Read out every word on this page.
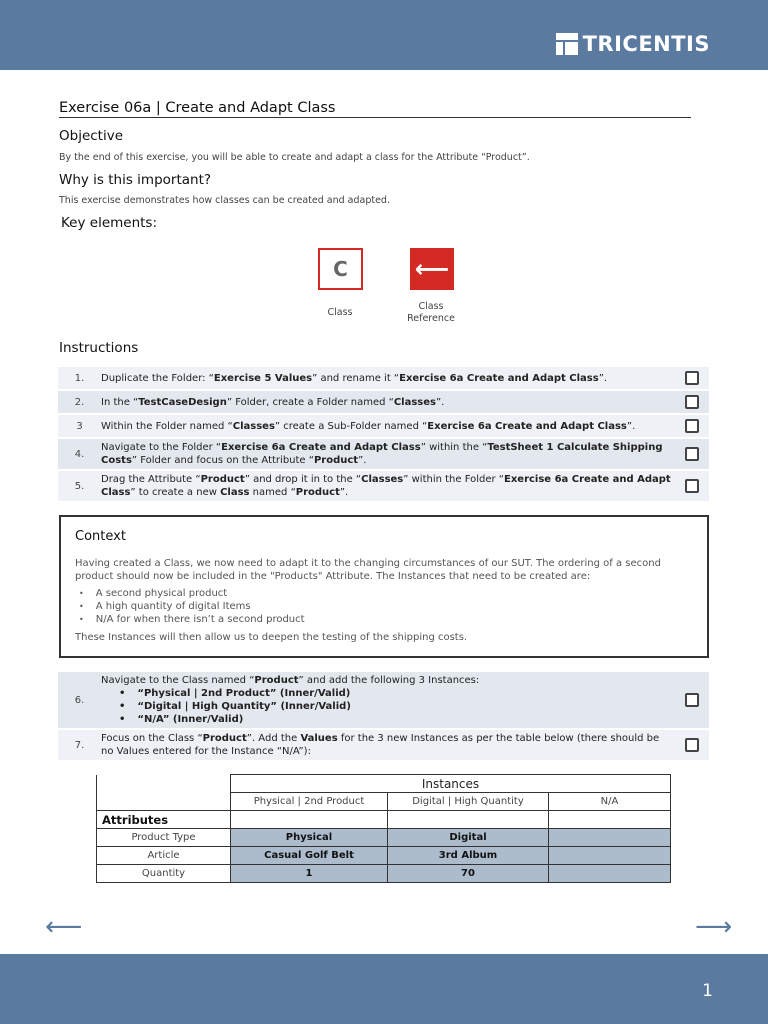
TRICENTIS
Exercise 06a | Create and Adapt Class
Objective
By the end of this exercise, you will be able to create and adapt a class for the Attribute “Product”.
Why is this important?
This exercise demonstrates how classes can be created and adapted.
Key elements:
C
Class
⟵
Class
Reference
Instructions
1.	Duplicate the Folder: “Exercise 5 Values” and rename it “Exercise 6a Create and Adapt Class”.
2.	In the “TestCaseDesign” Folder, create a Folder named “Classes”.
3	Within the Folder named “Classes” create a Sub-Folder named “Exercise 6a Create and Adapt Class”.
4.
Navigate to the Folder “Exercise 6a Create and Adapt Class” within the “TestSheet 1 Calculate Shipping Costs” Folder and focus on the Attribute “Product”.
5.
Drag the Attribute “Product” and drop it in to the “Classes” within the Folder “Exercise 6a Create and Adapt Class” to create a new Class named “Product”.
Context

Having created a Class, we now need to adapt it to the changing circumstances of our SUT. The ordering of a second product should now be included in the "Products" Attribute. The Instances that need to be created are:

• A second physical product
• A high quantity of digital Items
• N/A for when there isn’t a second product

These Instances will then allow us to deepen the testing of the shipping costs.

6.
Navigate to the Class named “Product” and add the following 3 Instances:
• “Physical | 2nd Product” (Inner/Valid)
• “Digital | High Quantity” (Inner/Valid)
• “N/A” (Inner/Valid)
7.
Focus on the Class “Product”. Add the Values for the 3 new Instances as per the table below (there should be no Values entered for the Instance “N/A”):
	Instances		
	Physical | 2nd Product	Digital | High Quantity	N/A
Attributes			
Product Type	Physical	Digital	
Article	Casual Golf Belt	3rd Album	
Quantity	1	70	
⟵	⟶
1
